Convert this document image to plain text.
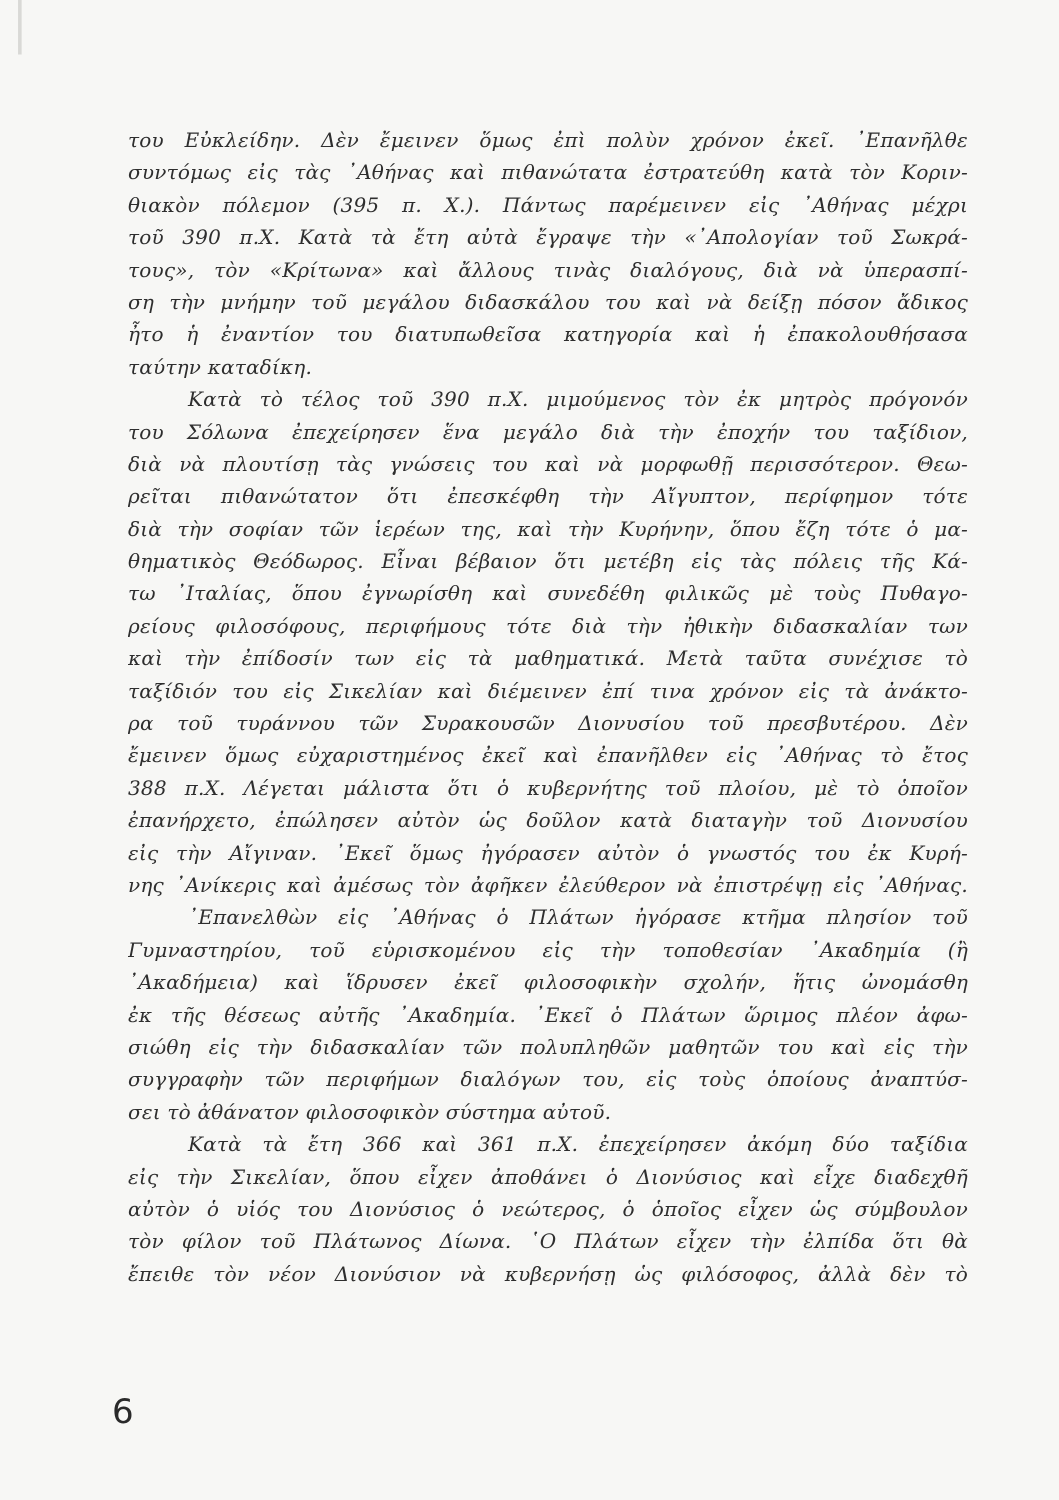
│
του Εὐκλείδην. Δὲν ἔμεινεν ὅμως ἐπὶ πολὺν χρόνον ἐκεῖ. ᾿Επανῆλθε
συντόμως εἰς τὰς ᾿Αθήνας καὶ πιθανώτατα ἐστρατεύθη κατὰ τὸν Κοριν-
θιακὸν πόλεμον (395 π. Χ.). Πάντως παρέμεινεν εἰς ᾿Αθήνας μέχρι
τοῦ 390 π.Χ. Κατὰ τὰ ἔτη αὐτὰ ἔγραψε τὴν «᾿Απολογίαν τοῦ Σωκρά-
τους», τὸν «Κρίτωνα» καὶ ἄλλους τινὰς διαλόγους, διὰ νὰ ὑπερασπί-
ση τὴν μνήμην τοῦ μεγάλου διδασκάλου του καὶ νὰ δείξῃ πόσον ἄδικος
ἦτο ἡ ἐναντίον του διατυπωθεῖσα κατηγορία καὶ ἡ ἐπακολουθήσασα
ταύτην καταδίκη.
Κατὰ τὸ τέλος τοῦ 390 π.Χ. μιμούμενος τὸν ἐκ μητρὸς πρόγονόν
του Σόλωνα ἐπεχείρησεν ἕνα μεγάλο διὰ τὴν ἐποχήν του ταξίδιον,
διὰ νὰ πλουτίσῃ τὰς γνώσεις του καὶ νὰ μορφωθῇ περισσότερον. Θεω-
ρεῖται πιθανώτατον ὅτι ἐπεσκέφθη τὴν Αἴγυπτον, περίφημον τότε
διὰ τὴν σοφίαν τῶν ἱερέων της, καὶ τὴν Κυρήνην, ὅπου ἔζη τότε ὁ μα-
θηματικὸς Θεόδωρος. Εἶναι βέβαιον ὅτι μετέβη εἰς τὰς πόλεις τῆς Κά-
τω ᾿Ιταλίας, ὅπου ἐγνωρίσθη καὶ συνεδέθη φιλικῶς μὲ τοὺς Πυθαγο-
ρείους φιλοσόφους, περιφήμους τότε διὰ τὴν ἠθικὴν διδασκαλίαν των
καὶ τὴν ἐπίδοσίν των εἰς τὰ μαθηματικά. Μετὰ ταῦτα συνέχισε τὸ
ταξίδιόν του εἰς Σικελίαν καὶ διέμεινεν ἐπί τινα χρόνον εἰς τὰ ἀνάκτο-
ρα τοῦ τυράννου τῶν Συρακουσῶν Διονυσίου τοῦ πρεσβυτέρου. Δὲν
ἔμεινεν ὅμως εὐχαριστημένος ἐκεῖ καὶ ἐπανῆλθεν εἰς ᾿Αθήνας τὸ ἔτος
388 π.Χ. Λέγεται μάλιστα ὅτι ὁ κυβερνήτης τοῦ πλοίου, μὲ τὸ ὁποῖον
ἐπανήρχετο, ἐπώλησεν αὐτὸν ὡς δοῦλον κατὰ διαταγὴν τοῦ Διονυσίου
εἰς τὴν Αἴγιναν. ᾿Εκεῖ ὅμως ἠγόρασεν αὐτὸν ὁ γνωστός του ἐκ Κυρή-
νης ᾿Ανίκερις καὶ ἀμέσως τὸν ἀφῆκεν ἐλεύθερον νὰ ἐπιστρέψῃ εἰς ᾿Αθήνας.
᾿Επανελθὼν εἰς ᾿Αθήνας ὁ Πλάτων ἠγόρασε κτῆμα πλησίον τοῦ
Γυμναστηρίου, τοῦ εὑρισκομένου εἰς τὴν τοποθεσίαν ᾿Ακαδημία (ἢ
᾿Ακαδήμεια) καὶ ἵδρυσεν ἐκεῖ φιλοσοφικὴν σχολήν, ἥτις ὠνομάσθη
ἐκ τῆς θέσεως αὐτῆς ᾿Ακαδημία. ᾿Εκεῖ ὁ Πλάτων ὥριμος πλέον ἀφω-
σιώθη εἰς τὴν διδασκαλίαν τῶν πολυπληθῶν μαθητῶν του καὶ εἰς τὴν
συγγραφὴν τῶν περιφήμων διαλόγων του, εἰς τοὺς ὁποίους ἀναπτύσ-
σει τὸ ἀθάνατον φιλοσοφικὸν σύστημα αὐτοῦ.
Κατὰ τὰ ἔτη 366 καὶ 361 π.Χ. ἐπεχείρησεν ἀκόμη δύο ταξίδια
εἰς τὴν Σικελίαν, ὅπου εἶχεν ἀποθάνει ὁ Διονύσιος καὶ εἶχε διαδεχθῆ
αὐτὸν ὁ υἱός του Διονύσιος ὁ νεώτερος, ὁ ὁποῖος εἶχεν ὡς σύμβουλον
τὸν φίλον τοῦ Πλάτωνος Δίωνα. ῾Ο Πλάτων εἶχεν τὴν ἐλπίδα ὅτι θὰ
ἔπειθε τὸν νέον Διονύσιον νὰ κυβερνήσῃ ὡς φιλόσοφος, ἀλλὰ δὲν τὸ
6
